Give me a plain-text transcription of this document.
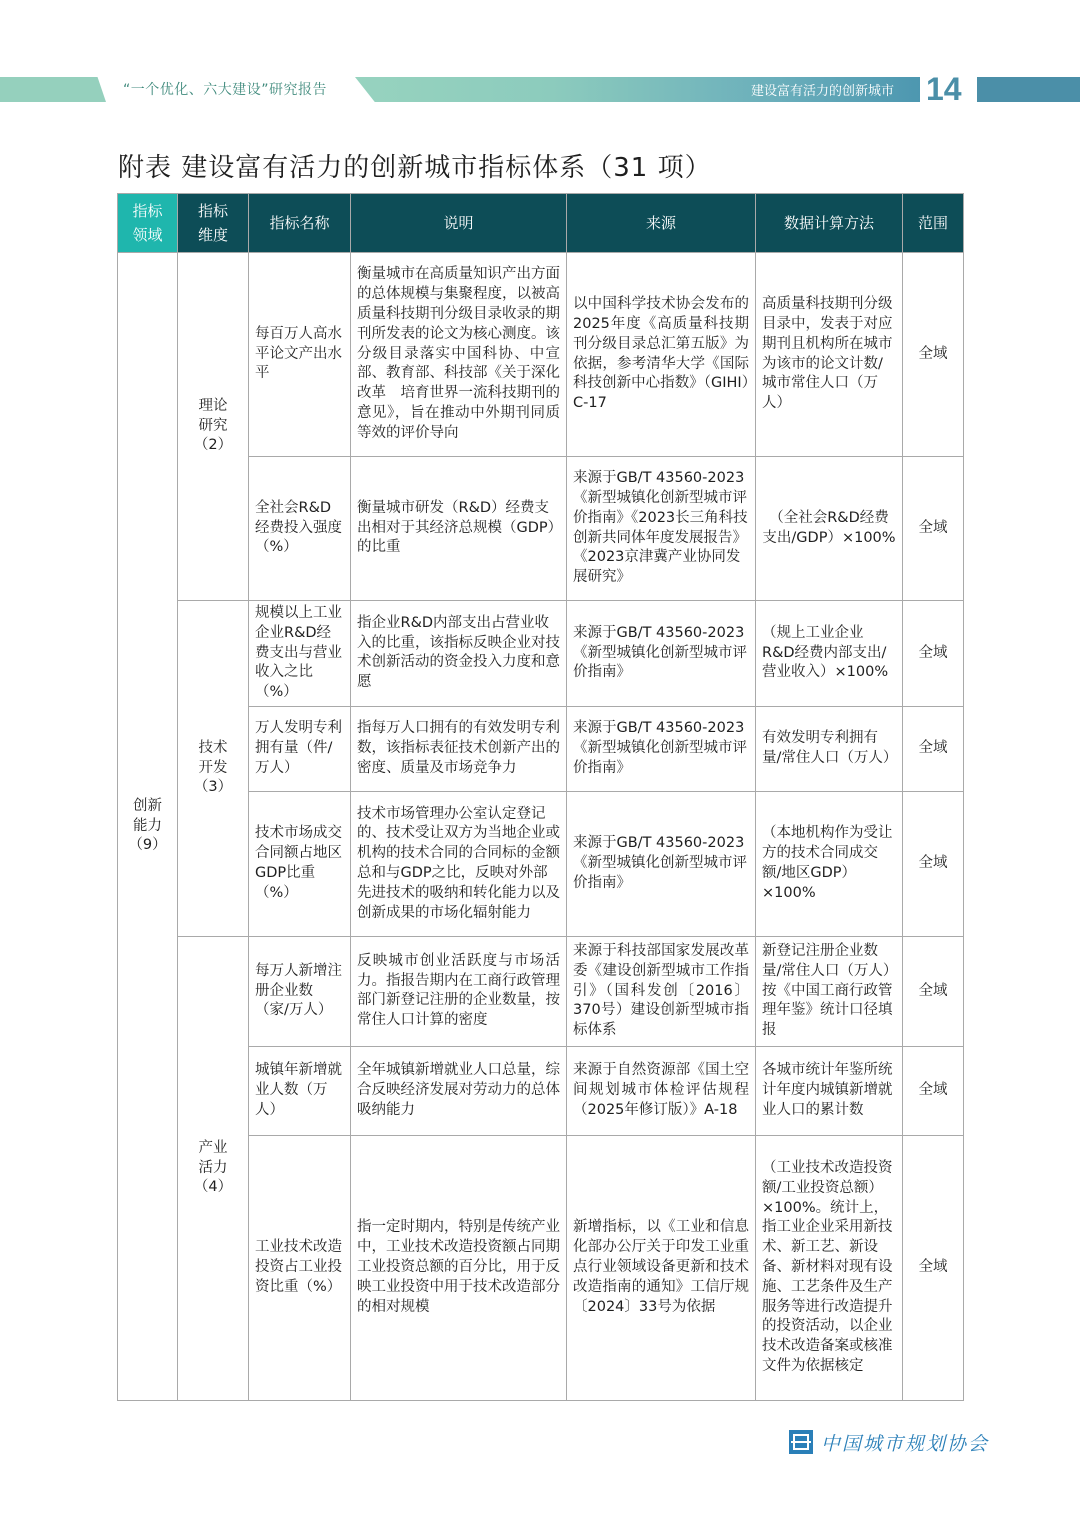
“一个优化、六大建设”研究报告	建设富有活力的创新城市 14
附表 建设富有活力的创新城市指标体系（31 项）
指标
领域	指标
维度	指标名称	说明	来源	数据计算方法	范围
创新
能力
（9）	理论
研究
（2）	每百万人高水平论文产出水平	衡量城市在高质量知识产出方面的总体规模与集聚程度，以被高质量科技期刊分级目录收录的期刊所发表的论文为核心测度。该分级目录落实中国科协、中宣部、教育部、科技部《关于深化改革　培育世界一流科技期刊的意见》，旨在推动中外期刊同质等效的评价导向	以中国科学技术协会发布的2025年度《高质量科技期刊分级目录总汇第五版》为依据，参考清华大学《国际科技创新中心指数》（GIHI）C-17	高质量科技期刊分级目录中，发表于对应期刊且机构所在城市为该市的论文计数/城市常住人口（万人）	全域
		全社会R&D经费投入强度（%）	衡量城市研发（R&D）经费支出相对于其经济总规模（GDP）的比重	来源于GB/T 43560-2023《新型城镇化创新型城市评价指南》《2023长三角科技创新共同体年度发展报告》《2023京津冀产业协同发展研究》	（全社会R&D经费支出/GDP）×100%	全域
	技术
开发
（3）	规模以上工业企业R&D经费支出与营业收入之比（%）	指企业R&D内部支出占营业收入的比重，该指标反映企业对技术创新活动的资金投入力度和意愿	来源于GB/T 43560-2023《新型城镇化创新型城市评价指南》	（规上工业企业R&D经费内部支出/营业收入）×100%	全域
		万人发明专利拥有量（件/万人）	指每万人口拥有的有效发明专利数，该指标表征技术创新产出的密度、质量及市场竞争力	来源于GB/T 43560-2023《新型城镇化创新型城市评价指南》	有效发明专利拥有量/常住人口（万人）	全域
		技术市场成交合同额占地区GDP比重（%）	技术市场管理办公室认定登记的、技术受让双方为当地企业或机构的技术合同的合同标的金额总和与GDP之比，反映对外部先进技术的吸纳和转化能力以及创新成果的市场化辐射能力	来源于GB/T 43560-2023《新型城镇化创新型城市评价指南》	（本地机构作为受让方的技术合同成交额/地区GDP）×100%	全域
	产业
活力
（4）	每万人新增注册企业数（家/万人）	反映城市创业活跃度与市场活力。指报告期内在工商行政管理部门新登记注册的企业数量，按常住人口计算的密度	来源于科技部国家发展改革委《建设创新型城市工作指引》（国科发创〔2016〕370号）建设创新型城市指标体系	新登记注册企业数量/常住人口（万人）按《中国工商行政管理年鉴》统计口径填报	全域
		城镇年新增就业人数（万人）	全年城镇新增就业人口总量，综合反映经济发展对劳动力的总体吸纳能力	来源于自然资源部《国土空间规划城市体检评估规程（2025年修订版）》A-18	各城市统计年鉴所统计年度内城镇新增就业人口的累计数	全域
		工业技术改造投资占工业投资比重（%）	指一定时期内，特别是传统产业中，工业技术改造投资额占同期工业投资总额的百分比，用于反映工业投资中用于技术改造部分的相对规模	新增指标，以《工业和信息化部办公厅关于印发工业重点行业领域设备更新和技术改造指南的通知》工信厅规〔2024〕33号为依据	（工业技术改造投资额/工业投资总额）×100%。统计上，指工业企业采用新技术、新工艺、新设备、新材料对现有设施、工艺条件及生产服务等进行改造提升的投资活动，以企业技术改造备案或核准文件为依据核定	全域
中国城市规划协会
